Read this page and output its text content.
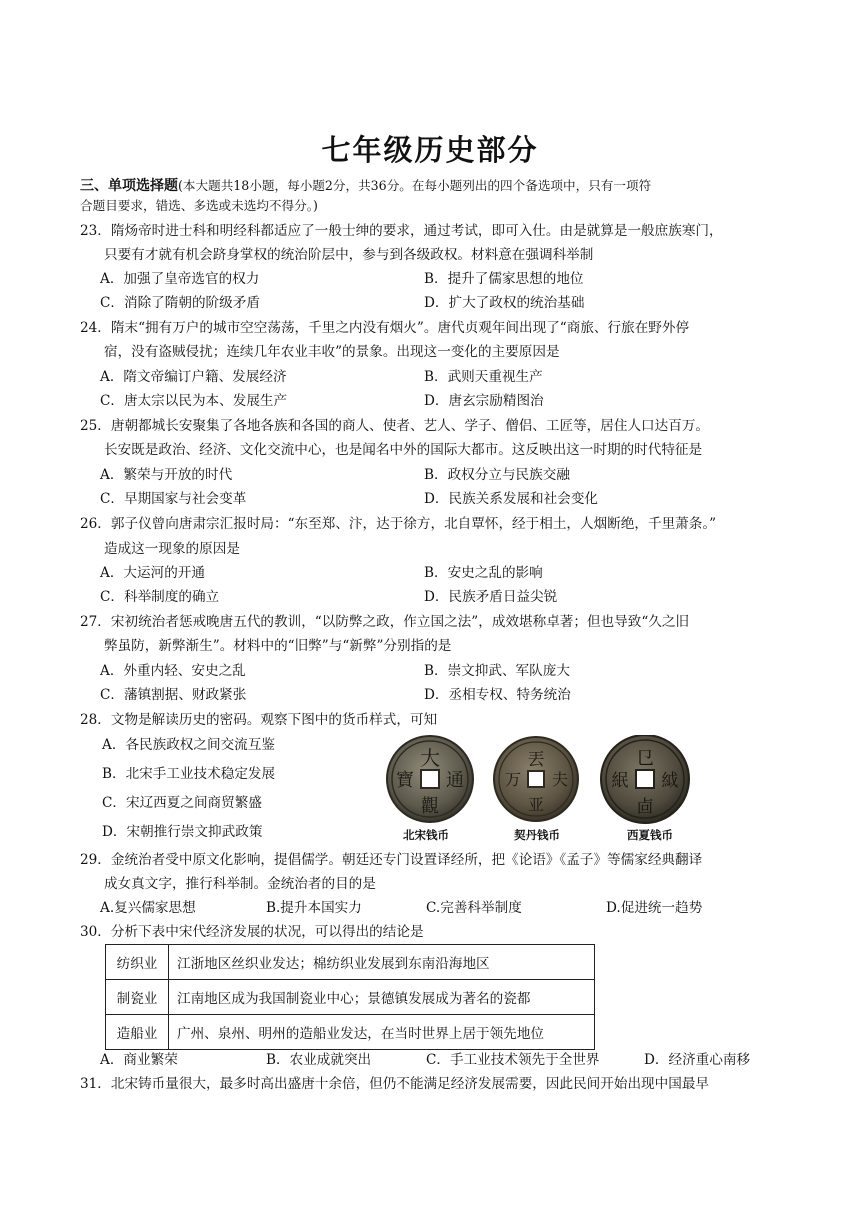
七年级历史部分
三、单项选择题(本大题共18小题，每小题2分，共36分。在每小题列出的四个备选项中，只有一项符
合题目要求，错选、多选或未选均不得分。)
23．隋炀帝时进士科和明经科都适应了一般士绅的要求，通过考试，即可入仕。由是就算是一般庶族寒门，
只要有才就有机会跻身掌权的统治阶层中，参与到各级政权。材料意在强调科举制
A．加强了皇帝选官的权力	B．提升了儒家思想的地位
C．消除了隋朝的阶级矛盾	D．扩大了政权的统治基础
24．隋末“拥有万户的城市空空荡荡，千里之内没有烟火”。唐代贞观年间出现了“商旅、行旅在野外停
宿，没有盗贼侵扰；连续几年农业丰收”的景象。出现这一变化的主要原因是
A．隋文帝编订户籍、发展经济	B．武则天重视生产
C．唐太宗以民为本、发展生产	D．唐玄宗励精图治
25．唐朝都城长安聚集了各地各族和各国的商人、使者、艺人、学子、僧侣、工匠等，居住人口达百万。
长安既是政治、经济、文化交流中心，也是闻名中外的国际大都市。这反映出这一时期的时代特征是
A．繁荣与开放的时代	B．政权分立与民族交融
C．早期国家与社会变革	D．民族关系发展和社会变化
26．郭子仪曾向唐肃宗汇报时局：“东至郑、汴，达于徐方，北自覃怀，经于相土，人烟断绝，千里萧条。”
造成这一现象的原因是
A．大运河的开通	B．安史之乱的影响
C．科举制度的确立	D．民族矛盾日益尖锐
27．宋初统治者惩戒晚唐五代的教训，“以防弊之政，作立国之法”，成效堪称卓著；但也导致“久之旧
弊虽防，新弊渐生”。材料中的“旧弊”与“新弊”分别指的是
A．外重内轻、安史之乱	B．崇文抑武、军队庞大
C．藩镇割据、财政紧张	D．丞相专权、特务统治
28．文物是解读历史的密码。观察下图中的货币样式，可知
A．各民族政权之间交流互鉴
B．北宋手工业技术稳定发展
C．宋辽西夏之间商贸繁盛
D．宋朝推行崇文抑武政策
大
通
寶
觀
丟
夫
万
亚
㔾
䋐
䋋
㔽
北宋钱币	契丹钱币	西夏钱币
29．金统治者受中原文化影响，提倡儒学。朝廷还专门设置译经所，把《论语》《孟子》等儒家经典翻译
成女真文字，推行科举制。金统治者的目的是
A.复兴儒家思想	B.提升本国实力	C.完善科举制度	D.促进统一趋势
30．分析下表中宋代经济发展的状况，可以得出的结论是
纺织业	江浙地区丝织业发达；棉纺织业发展到东南沿海地区
制瓷业	江南地区成为我国制瓷业中心；景德镇发展成为著名的瓷都
造船业	广州、泉州、明州的造船业发达，在当时世界上居于领先地位
A．商业繁荣	B．农业成就突出	C．手工业技术领先于全世界	D．经济重心南移
31．北宋铸币量很大，最多时高出盛唐十余倍，但仍不能满足经济发展需要，因此民间开始出现中国最早
